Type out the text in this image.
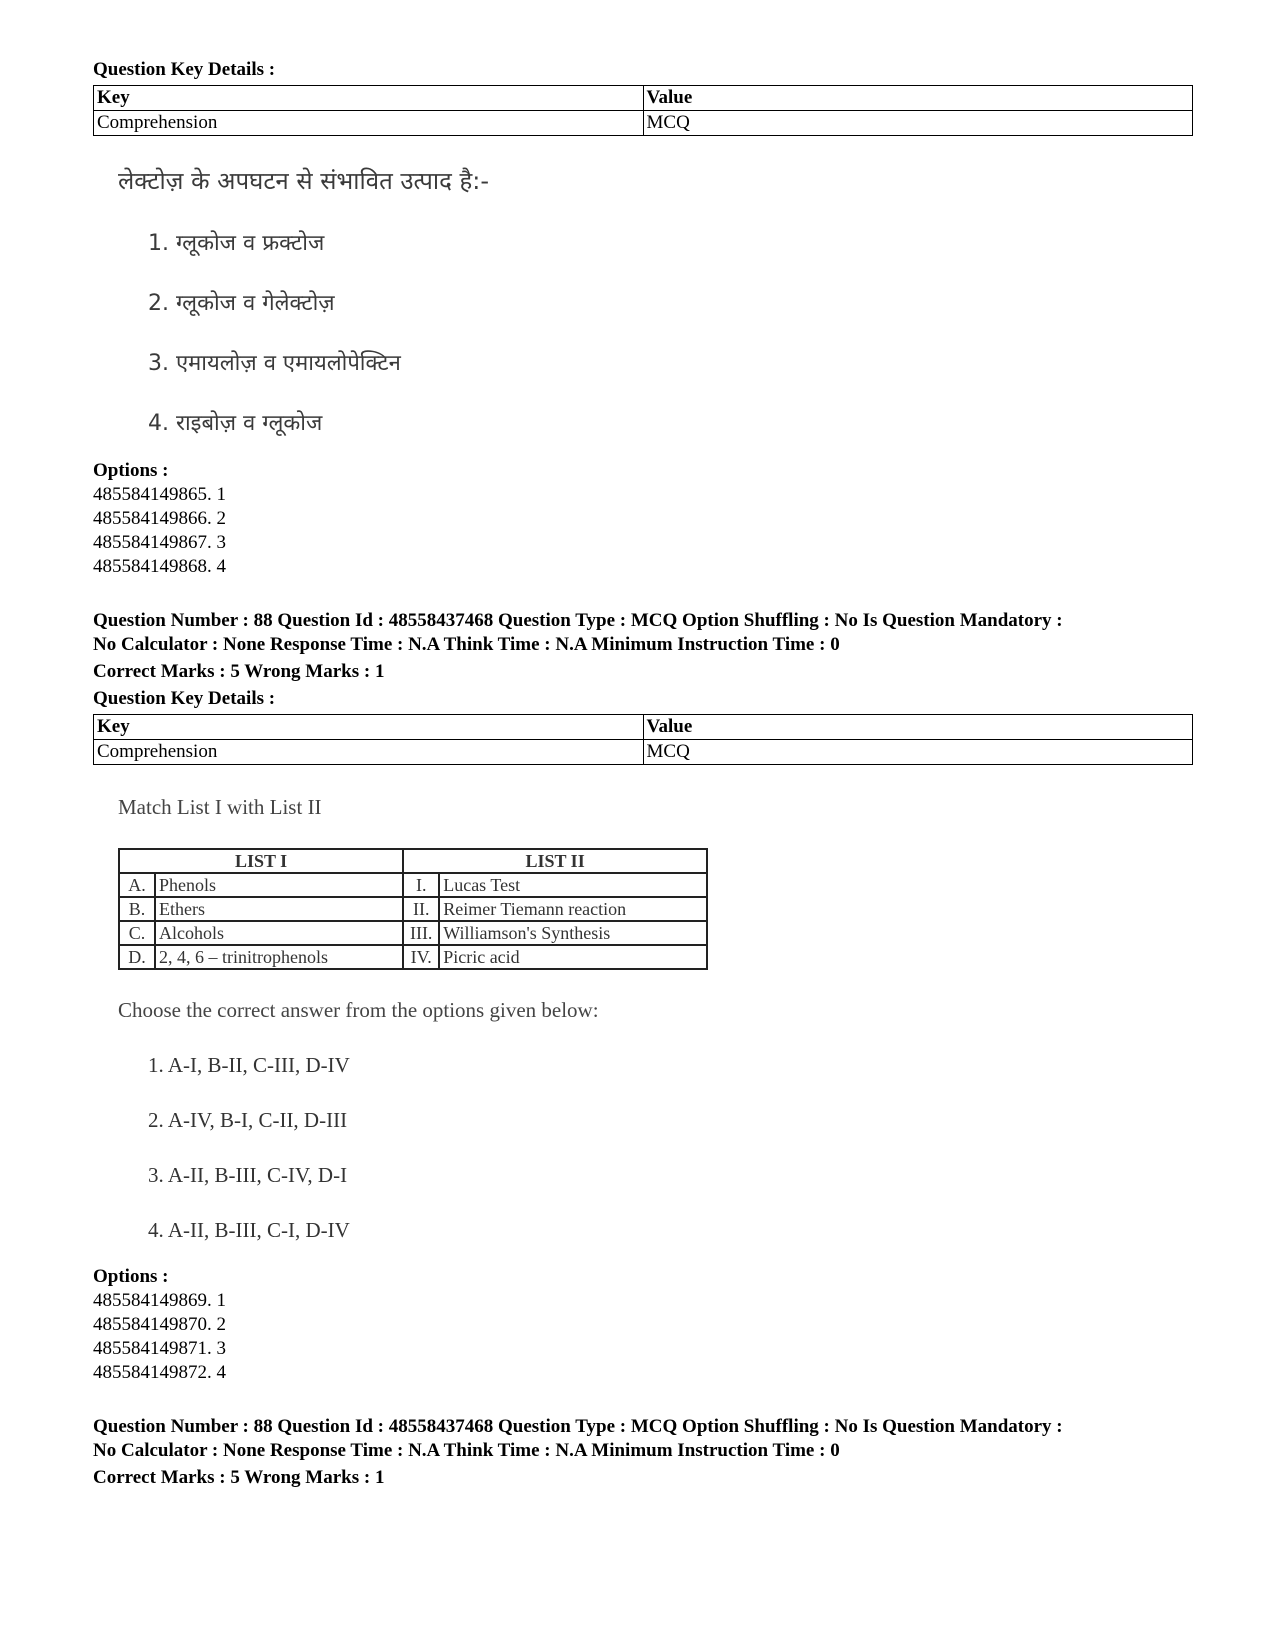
Question Key Details :
Key	Value
Comprehension	MCQ
लेक्टोज़ के अपघटन से संभावित उत्पाद है:-
1. ग्लूकोज व फ्रक्टोज
2. ग्लूकोज व गेलेक्टोज़
3. एमायलोज़ व एमायलोपेक्टिन
4. राइबोज़ व ग्लूकोज
Options :
485584149865. 1
485584149866. 2
485584149867. 3
485584149868. 4
Question Number : 88 Question Id : 48558437468 Question Type : MCQ Option Shuffling : No Is Question Mandatory :
No Calculator : None Response Time : N.A Think Time : N.A Minimum Instruction Time : 0
Correct Marks : 5 Wrong Marks : 1
Question Key Details :
Key	Value
Comprehension	MCQ
Match List I with List II
LIST I		LIST II	
A.	Phenols	I.	Lucas Test
B.	Ethers	II.	Reimer Tiemann reaction
C.	Alcohols	III.	Williamson's Synthesis
D.	2, 4, 6 – trinitrophenols	IV.	Picric acid
Choose the correct answer from the options given below:
1. A-I, B-II, C-III, D-IV
2. A-IV, B-I, C-II, D-III
3. A-II, B-III, C-IV, D-I
4. A-II, B-III, C-I, D-IV
Options :
485584149869. 1
485584149870. 2
485584149871. 3
485584149872. 4
Question Number : 88 Question Id : 48558437468 Question Type : MCQ Option Shuffling : No Is Question Mandatory :
No Calculator : None Response Time : N.A Think Time : N.A Minimum Instruction Time : 0
Correct Marks : 5 Wrong Marks : 1
